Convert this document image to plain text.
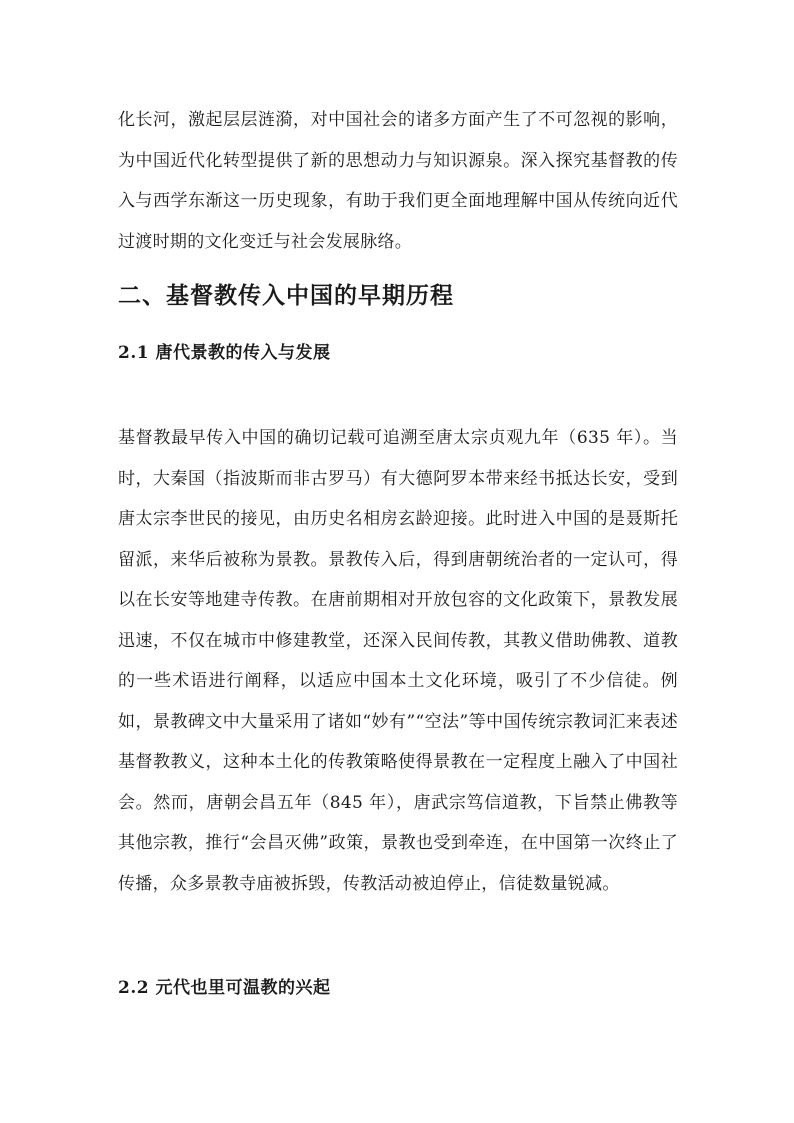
化长河，激起层层涟漪，对中国社会的诸多方面产生了不可忽视的影响，为中国近代化转型提供了新的思想动力与知识源泉。深入探究基督教的传入与西学东渐这一历史现象，有助于我们更全面地理解中国从传统向近代过渡时期的文化变迁与社会发展脉络。

二、基督教传入中国的早期历程
2.1 唐代景教的传入与发展

基督教最早传入中国的确切记载可追溯至唐太宗贞观九年（635 年）。当时，大秦国（指波斯而非古罗马）有大德阿罗本带来经书抵达长安，受到唐太宗李世民的接见，由历史名相房玄龄迎接。此时进入中国的是聂斯托留派，来华后被称为景教。景教传入后，得到唐朝统治者的一定认可，得以在长安等地建寺传教。在唐前期相对开放包容的文化政策下，景教发展迅速，不仅在城市中修建教堂，还深入民间传教，其教义借助佛教、道教的一些术语进行阐释，以适应中国本土文化环境，吸引了不少信徒。例如，景教碑文中大量采用了诸如“妙有”“空法”等中国传统宗教词汇来表述基督教教义，这种本土化的传教策略使得景教在一定程度上融入了中国社会。然而，唐朝会昌五年（845 年），唐武宗笃信道教，下旨禁止佛教等其他宗教，推行“会昌灭佛”政策，景教也受到牵连，在中国第一次终止了传播，众多景教寺庙被拆毁，传教活动被迫停止，信徒数量锐减。

2.2 元代也里可温教的兴起
